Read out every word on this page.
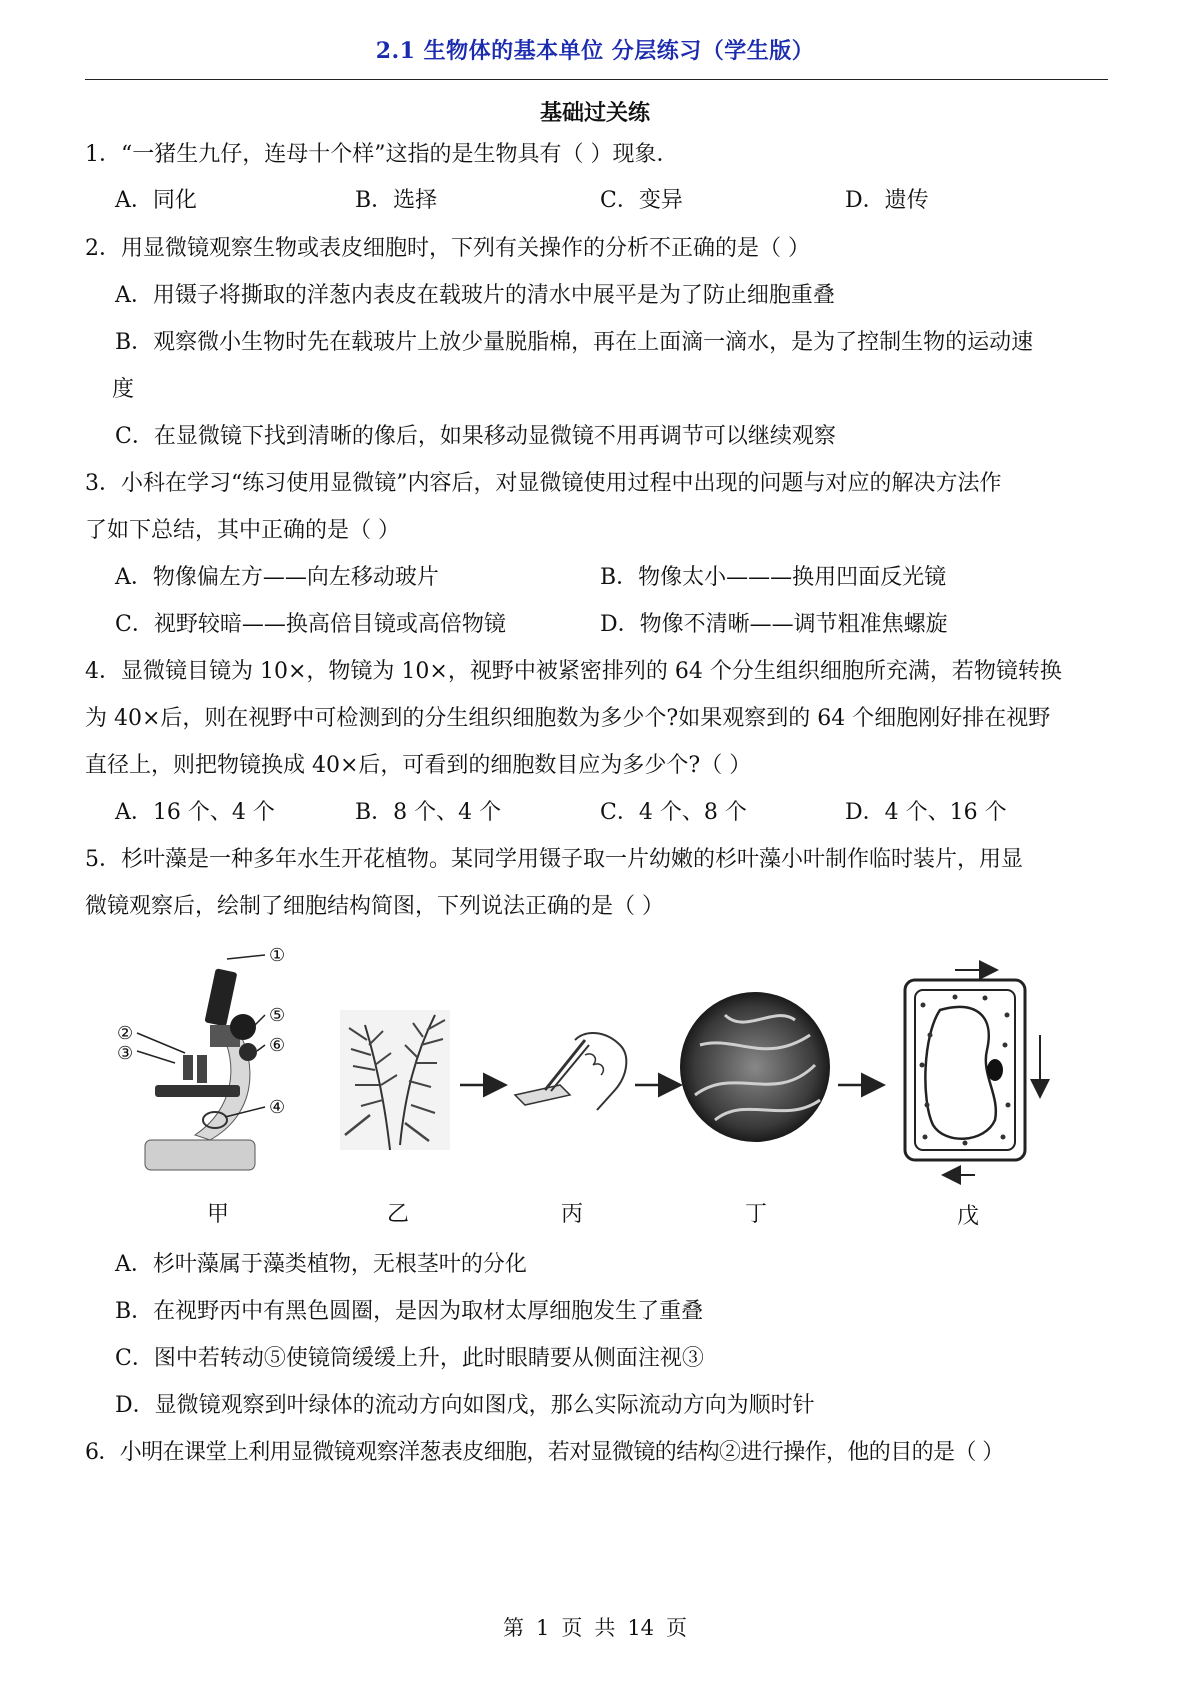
2.1 生物体的基本单位 分层练习（学生版）
基础过关练
1．“一猪生九仔，连母十个样”这指的是生物具有（ ）现象．
A．同化	B．选择	C．变异	D．遗传
2．用显微镜观察生物或表皮细胞时，下列有关操作的分析不正确的是（ ）
A．用镊子将撕取的洋葱内表皮在载玻片的清水中展平是为了防止细胞重叠
B．观察微小生物时先在载玻片上放少量脱脂棉，再在上面滴一滴水，是为了控制生物的运动速
度
C．在显微镜下找到清晰的像后，如果移动显微镜不用再调节可以继续观察
3．小科在学习“练习使用显微镜”内容后，对显微镜使用过程中出现的问题与对应的解决方法作
了如下总结，其中正确的是（ ）
A．物像偏左方——向左移动玻片	B．物像太小———换用凹面反光镜
C．视野较暗——换高倍目镜或高倍物镜	D．物像不清晰——调节粗准焦螺旋
4．显微镜目镜为 10×，物镜为 10×，视野中被紧密排列的 64 个分生组织细胞所充满，若物镜转换
为 40×后，则在视野中可检测到的分生组织细胞数为多少个?如果观察到的 64 个细胞刚好排在视野
直径上，则把物镜换成 40×后，可看到的细胞数目应为多少个?（ ）
A．16 个、4 个	B．8 个、4 个	C．4 个、8 个	D．4 个、16 个
5．杉叶藻是一种多年水生开花植物。某同学用镊子取一片幼嫩的杉叶藻小叶制作临时装片，用显
微镜观察后，绘制了细胞结构简图，下列说法正确的是（ ）
①
②
③
④
⑤
⑥
甲	乙	丙	丁	戊
A．杉叶藻属于藻类植物，无根茎叶的分化
B．在视野丙中有黑色圆圈，是因为取材太厚细胞发生了重叠
C．图中若转动⑤使镜筒缓缓上升，此时眼睛要从侧面注视③
D．显微镜观察到叶绿体的流动方向如图戊，那么实际流动方向为顺时针
6．小明在课堂上利用显微镜观察洋葱表皮细胞，若对显微镜的结构②进行操作，他的目的是（ ）
第 1 页 共 14 页
